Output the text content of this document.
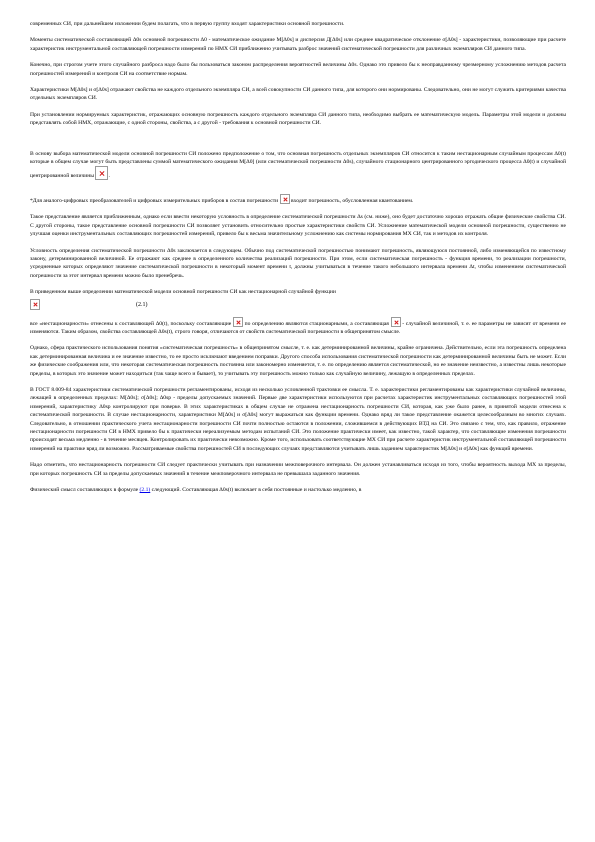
современных СИ, при дальнейшем изложении будем полагать, что в первую группу входят характеристики основной погрешности.

Моменты систематической составляющей Δ0s основной погрешности Δ0 - математическое ожидание М[Δ0s] и дисперсия Д[Δ0s] или среднее квадратическое отклонение σ[Δ0s] - характеристики, позволяющие при расчете характеристик инструментальной составляющей погрешности измерений по НМХ СИ приближенно учитывать разброс значений систематической погрешности для различных экземпляров СИ данного типа.

Конечно, при строгом учете этого случайного разброса надо было бы пользоваться законом распределения вероятностей величины Δ0s. Однако это привело бы к неоправданному чрезмерному усложнению методов расчета погрешностей измерений и контроля СИ на соответствие нормам.

Характеристики М[Δ0s] и σ[Δ0s] отражают свойства не каждого отдельного экземпляра СИ, а всей совокупности СИ данного типа, для которого они нормированы. Следовательно, они не могут служить критериями качества отдельных экземпляров СИ.

При установлении нормируемых характеристик, отражающих основную погрешность каждого отдельного экземпляра СИ данного типа, необходимо выбрать ее математическую модель. Параметры этой модели и должны представлять собой НМХ, отражающие, с одной стороны, свойства, а с другой - требования к основной погрешности СИ.

В основу выбора математической модели основной погрешности СИ положено предположение о том, что основная погрешность отдельных экземпляров СИ относится к таким нестационарным случайным процессам Δ0(t) которые в общем случае могут быть представлены суммой математического ожидания М[Δ0] (или систематической погрешности Δ0s), случайного стационарного центрированного эргодического процесса Δ0(t) и случайной центрированной величины	.

*Для аналого-цифровых преобразователей и цифровых измерительных приборов в состав погрешности входит погрешность, обусловленная квантованием.

Такое представление является приближенным, однако если ввести некоторую условность в определение систематической погрешности Δs (см. ниже), оно будет достаточно хорошо отражать общие физические свойства СИ. С другой стороны, такое представление основной погрешности СИ позволяет установить относительно простые характеристики свойств СИ. Усложнение математической модели основной погрешности, существенно не улучшая оценки инструментальных составляющих погрешностей измерений, привело бы к весьма значительному усложнению как системы нормирования МХ СИ, так и методов их контроля.

Условность определения систематической погрешности Δ0s заключается в следующем. Обычно под систематической погрешностью понимают погрешность, являющуюся постоянной, либо изменяющейся по известному закону, детерминированной величиной. Ее отражают как среднее в определенного количества реализаций погрешности. При этом, если систематическая погрешность - функция времени, то реализации погрешности, усредненные которых определяют значение систематической погрешности в некоторый момент времени t, должны учитываться в течение такого небольшого интервала времени Δt, чтобы изменением систематической погрешности за этот интервал времени можно было пренебречь.

В приведенном выше определении математической модели основной погрешности СИ как нестационарной случайной функции

(2.1)

все «нестационарности» отнесены к составляющей Δ0(t), поскольку составляющие по определению являются стационарными, а составляющая - случайной величиной, т. е. ее параметры не зависят от времени ее изменяются. Таким образом, свойства составляющей Δ0s(t), строго говоря, отличаются от свойств систематической погрешности в общепринятом смысле.

Однако, сфера практического использования понятия «систематическая погрешность» в общепринятом смысле, т. е. как детерминированной величины, крайне ограничена. Действительно, если эта погрешность определена как детерминированная величина и ее значение известно, то ее просто исключают введением поправки. Другого способа использования систематической погрешности как детерминированной величины быть не может. Если же физические соображения или, что некоторая систематическая погрешность постоянна или закономерно изменяется, т. е. по определению является систематической, но ее значение неизвестно, а известны лишь некоторые пределы, в которых это значение может находиться (так чаще всего и бывает), то учитывать эту погрешность можно только как случайную величину, лежащую в определенных пределах.

В ГОСТ 8.009-84 характеристики систематической погрешности регламентированы, исходя из несколько условленной трактовки ее смысла. Т. е. характеристики регламентированы как характеристики случайной величины, лежащей в определенных пределах: М[Δ0s]; σ[Δ0s]; Δ0sp - пределы допускаемых значений. Первые две характеристики используются при расчетах характеристик инструментальных составляющих погрешностей этой измерений, характеристику Δ0sp контролируют при поверке. В этих характеристиках в общем случае не отражена нестационарность погрешности СИ, которая, как уже было ранее, в принятой модели отнесена к систематической погрешности. В случае нестационарности, характеристики М[Δ0s] и σ[Δ0s] могут выражаться как функции времени. Однако вряд ли такое представление окажется целесообразным во многих случаях. Следовательно, в отношении практического учета нестационарности погрешности СИ почти полностью остаются в положении, сложившемся в действующих ВТД на СИ. Это связано с тем, что, как правило, отражение нестационарности погрешности СИ в НМХ привело бы к практически нереализуемым методам испытаний СИ. Это положение практически имеет, как известно, такой характер, что составляющие изменения погрешности происходят весьма медленно - в течение месяцев. Контролировать их практически невозможно. Кроме того, использовать соответствующие МХ СИ при расчете характеристик инструментальной составляющей погрешности измерений на практике вряд ли возможно. Рассматриваемые свойства погрешностей СИ в последующих случаях представляются учитывать лишь заданием характеристик М[Δ0s] и σ[Δ0s] как функций времени.

Надо отметить, что нестационарность погрешности СИ следует практически учитывать при назначении межповерочного интервала. Он должен устанавливаться исходя из того, чтобы вероятность выхода МХ за пределы, при которых погрешность СИ за пределы допускаемых значений в течение межповерочного интервала не превышала заданного значения.

Физический смысл составляющих в формуле (2.1) следующий. Составляющая Δ0s(t) включает в себя постоянные и настолько медленно, в
